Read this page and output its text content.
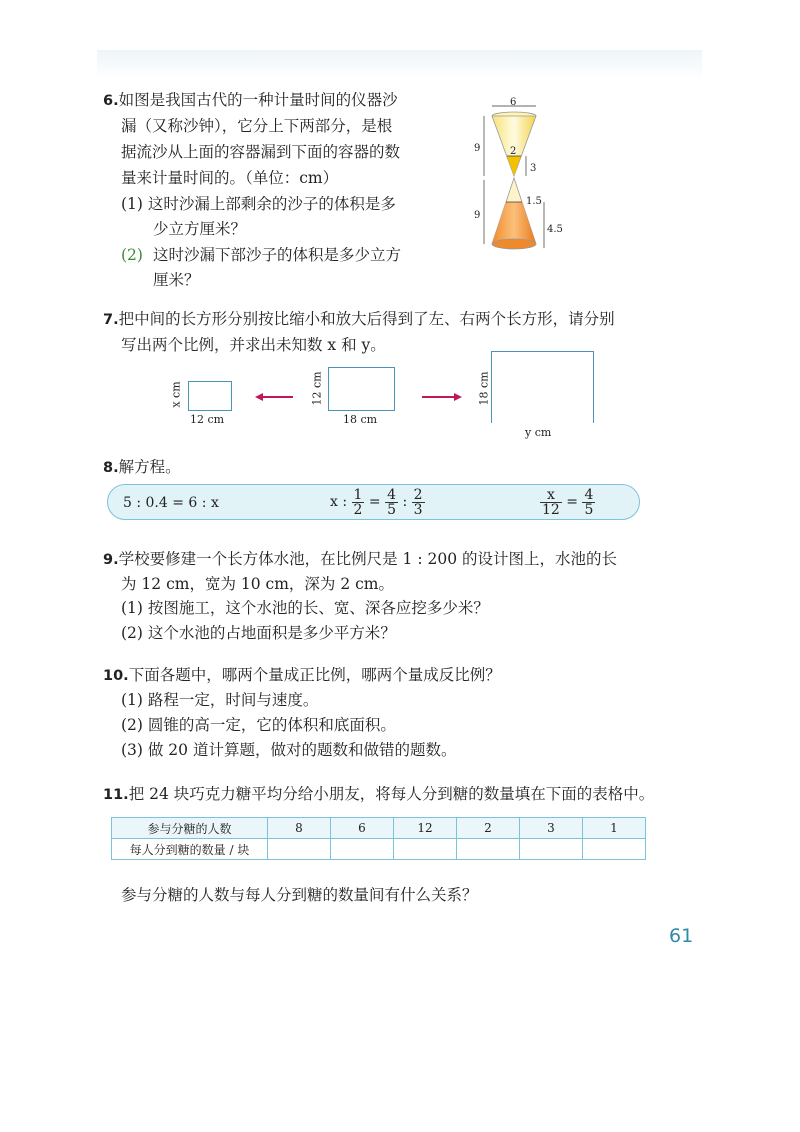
6.如图是我国古代的一种计量时间的仪器沙
漏（又称沙钟），它分上下两部分，是根
据流沙从上面的容器漏到下面的容器的数
量来计量时间的。（单位：cm）
(1) 这时沙漏上部剩余的沙子的体积是多
少立方厘米？
(2) 这时沙漏下部沙子的体积是多少立方
厘米？
6
9	2
3
1.5
9
4.5
7.把中间的长方形分别按比缩小和放大后得到了左、右两个长方形，请分别
写出两个比例，并求出未知数 x 和 y。
12 cm
x cm
18 cm
12 cm
y cm
18 cm
8.解方程。
5 : 0.4 = 6 : x	x : $\frac{1}{2} = \frac{4}{5}$ : $\frac{2}{3}$	$\frac{x}{12} = \frac{4}{5}$
9.学校要修建一个长方体水池，在比例尺是 1 : 200 的设计图上，水池的长
为 12 cm，宽为 10 cm，深为 2 cm。
(1) 按图施工，这个水池的长、宽、深各应挖多少米？
(2) 这个水池的占地面积是多少平方米？
10.下面各题中，哪两个量成正比例，哪两个量成反比例？
(1) 路程一定，时间与速度。
(2) 圆锥的高一定，它的体积和底面积。
(3) 做 20 道计算题，做对的题数和做错的题数。
11.把 24 块巧克力糖平均分给小朋友，将每人分到糖的数量填在下面的表格中。
参与分糖的人数	8	6	12	2	3	1
每人分到糖的数量 / 块						
参与分糖的人数与每人分到糖的数量间有什么关系？
61
